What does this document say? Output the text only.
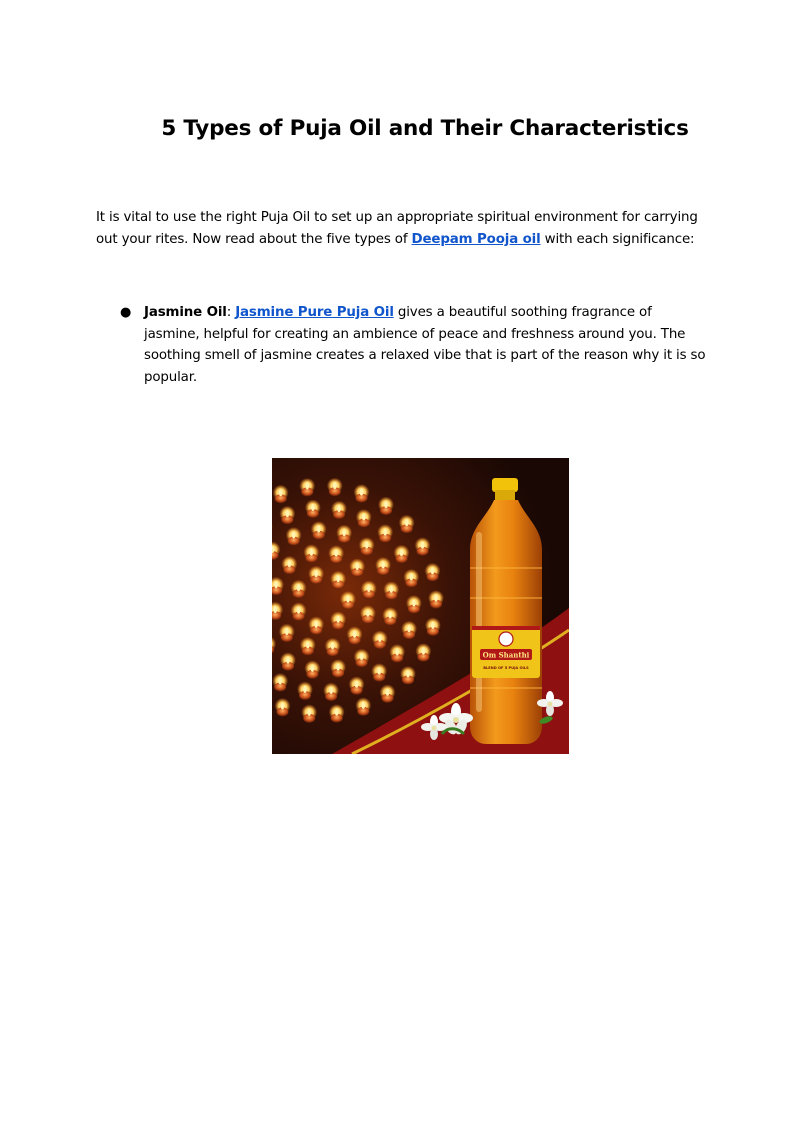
5 Types of Puja Oil and Their Characteristics

It is vital to use the right Puja Oil to set up an appropriate spiritual environment for carrying out your rites. Now read about the five types of Deepam Pooja oil with each significance:

● Jasmine Oil: Jasmine Pure Puja Oil gives a beautiful soothing fragrance of jasmine, helpful for creating an ambience of peace and freshness around you. The soothing smell of jasmine creates a relaxed vibe that is part of the reason why it is so popular.
Om Shanthi
BLEND OF 5 PUJA OILS
